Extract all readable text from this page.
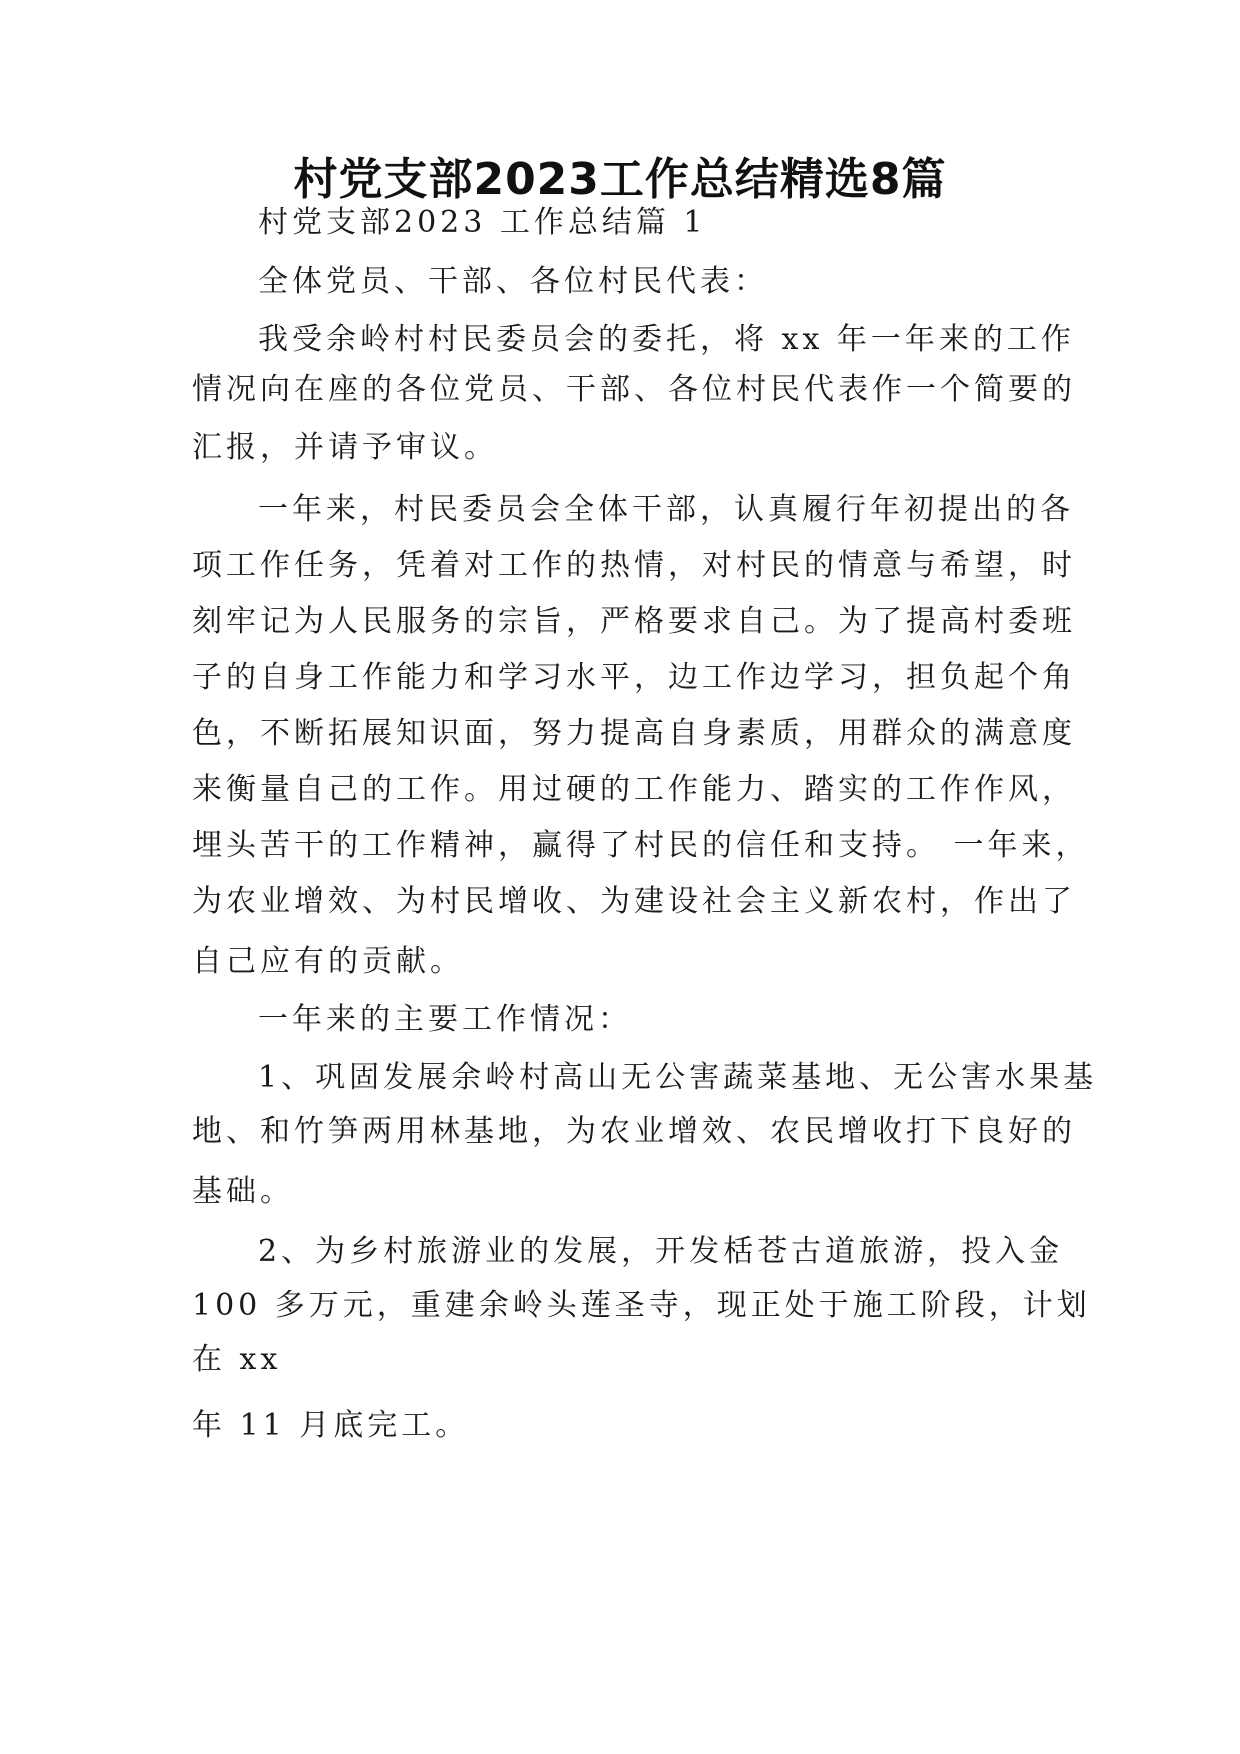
村党支部2023工作总结精选8篇
村党支部2023 工作总结篇 1
全体党员、干部、各位村民代表：
我受余岭村村民委员会的委托，将 xx 年一年来的工作
情况向在座的各位党员、干部、各位村民代表作一个简要的
汇报，并请予审议。
一年来，村民委员会全体干部，认真履行年初提出的各
项工作任务，凭着对工作的热情，对村民的情意与希望，时
刻牢记为人民服务的宗旨，严格要求自己。为了提高村委班
子的自身工作能力和学习水平，边工作边学习，担负起个角
色，不断拓展知识面，努力提高自身素质，用群众的满意度
来衡量自己的工作。用过硬的工作能力、踏实的工作作风，
埋头苦干的工作精神，赢得了村民的信任和支持。 一年来，
为农业增效、为村民增收、为建设社会主义新农村，作出了
自己应有的贡献。
一年来的主要工作情况：
1、巩固发展余岭村高山无公害蔬菜基地、无公害水果基
地、和竹笋两用林基地，为农业增效、农民增收打下良好的
基础。
2、为乡村旅游业的发展，开发栝苍古道旅游，投入金
100 多万元，重建余岭头莲圣寺，现正处于施工阶段，计划
在 xx
年 11 月底完工。
